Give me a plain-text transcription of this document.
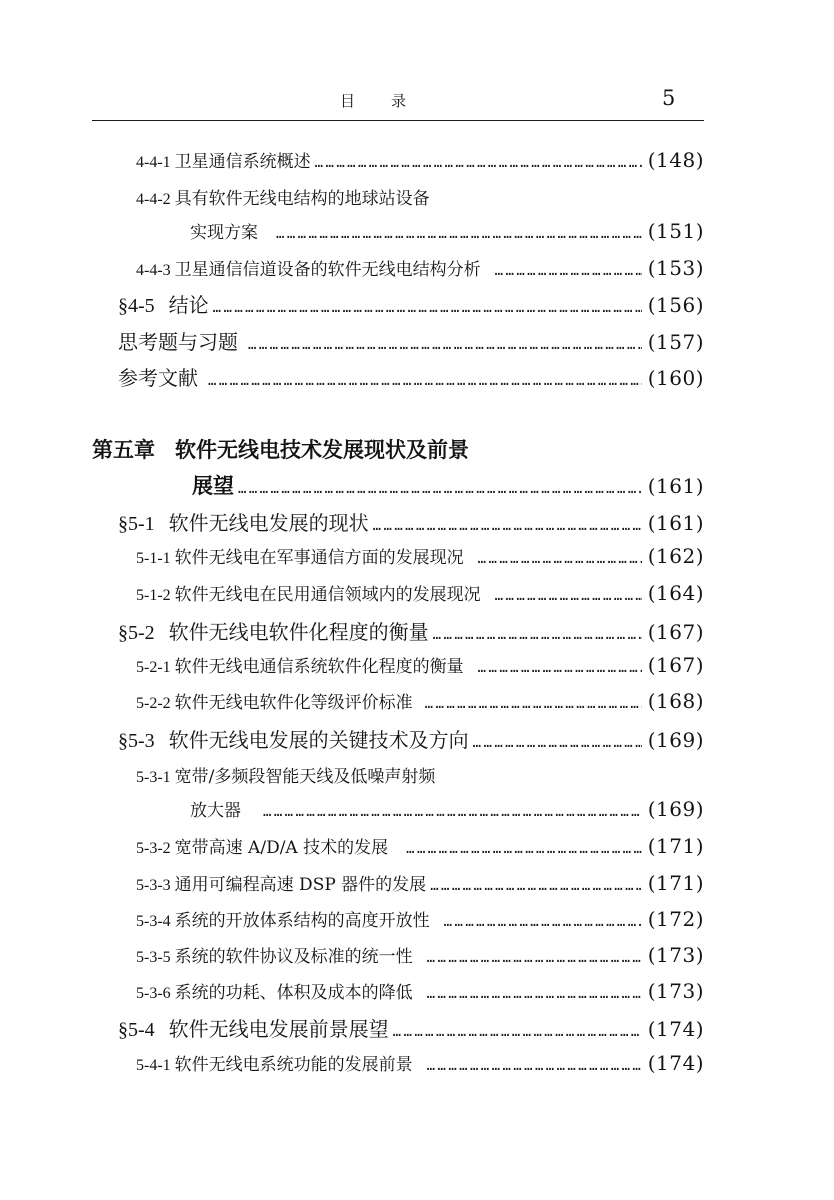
目 录	5
4-4-1 卫星通信系统概述 …………………………………………………………………………………………………………………………………………………………	(148)
4-4-2 具有软件无线电结构的地球站设备
实现方案 …………………………………………………………………………………………………………………………………………………………	(151)
4-4-3 卫星通信信道设备的软件无线电结构分析 …………………………………………………………………………………………………………………………………………………………	(153)
§4-5 结论 …………………………………………………………………………………………………………………………………………………………	(156)
思考题与习题 …………………………………………………………………………………………………………………………………………………………	(157)
参考文献 …………………………………………………………………………………………………………………………………………………………	(160)
第五章 软件无线电技术发展现状及前景
展望 …………………………………………………………………………………………………………………………………………………………	(161)
§5-1 软件无线电发展的现状 …………………………………………………………………………………………………………………………………………………………	(161)
5-1-1 软件无线电在军事通信方面的发展现况 …………………………………………………………………………………………………………………………………………………………	(162)
5-1-2 软件无线电在民用通信领域内的发展现况 …………………………………………………………………………………………………………………………………………………………	(164)
§5-2 软件无线电软件化程度的衡量 …………………………………………………………………………………………………………………………………………………………	(167)
5-2-1 软件无线电通信系统软件化程度的衡量 …………………………………………………………………………………………………………………………………………………………	(167)
5-2-2 软件无线电软件化等级评价标准 …………………………………………………………………………………………………………………………………………………………	(168)
§5-3 软件无线电发展的关键技术及方向 …………………………………………………………………………………………………………………………………………………………	(169)
5-3-1 宽带/多频段智能天线及低噪声射频
放大器 …………………………………………………………………………………………………………………………………………………………	(169)
5-3-2 宽带高速 A/D/A 技术的发展 …………………………………………………………………………………………………………………………………………………………	(171)
5-3-3 通用可编程高速 DSP 器件的发展 …………………………………………………………………………………………………………………………………………………………	(171)
5-3-4 系统的开放体系结构的高度开放性 …………………………………………………………………………………………………………………………………………………………	(172)
5-3-5 系统的软件协议及标准的统一性 …………………………………………………………………………………………………………………………………………………………	(173)
5-3-6 系统的功耗、体积及成本的降低 …………………………………………………………………………………………………………………………………………………………	(173)
§5-4 软件无线电发展前景展望 …………………………………………………………………………………………………………………………………………………………	(174)
5-4-1 软件无线电系统功能的发展前景 …………………………………………………………………………………………………………………………………………………………	(174)
